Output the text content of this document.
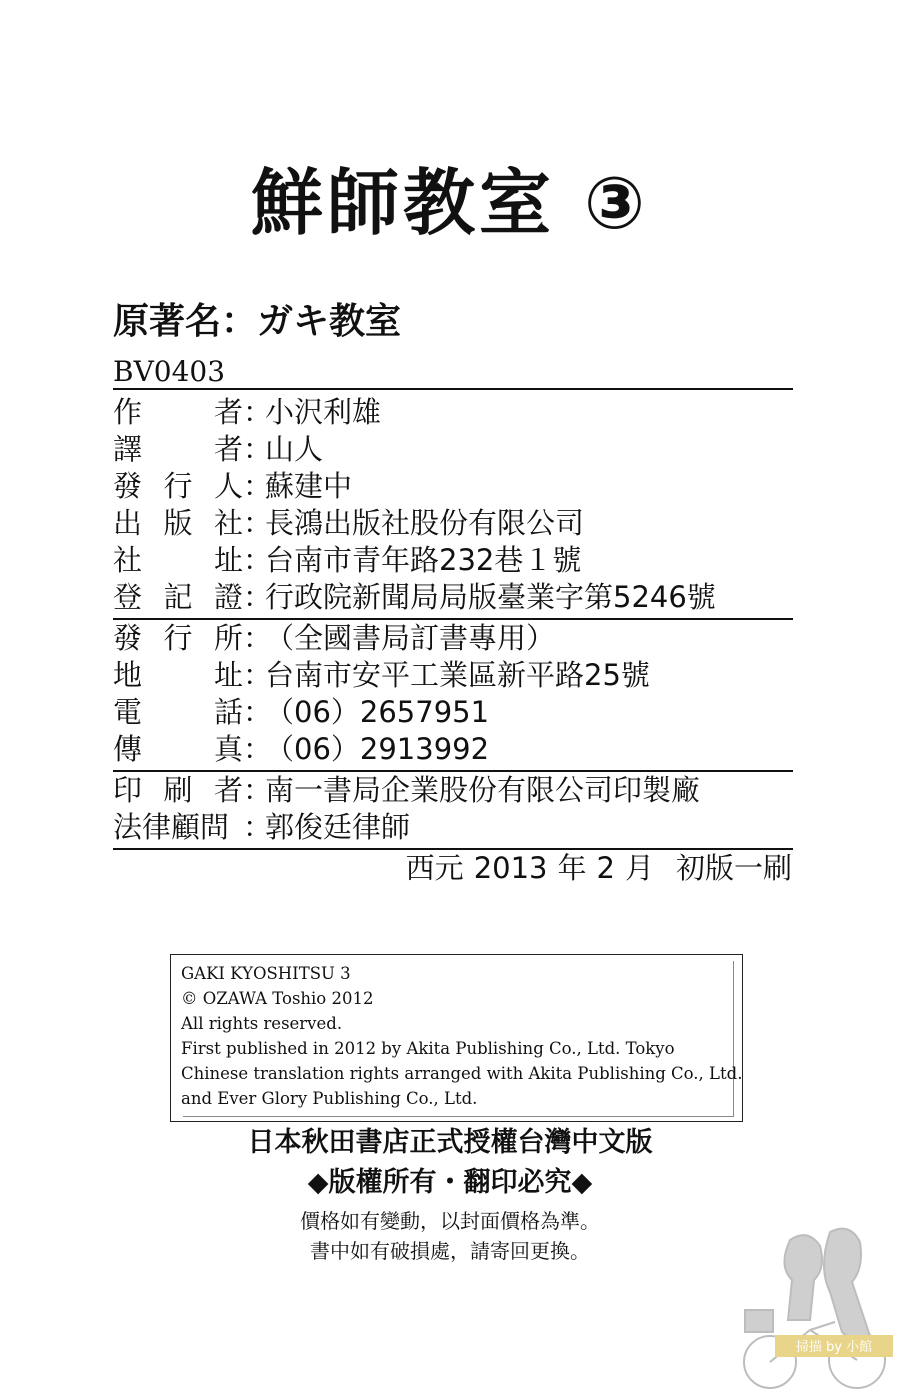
鮮師教室 ③
原著名：ガキ教室
BV0403
作 者 ：
小沢利雄
譯 者 ：
山人
發 行 人 ：
蘇建中
出 版 社 ：
長鴻出版社股份有限公司
社 址 ：
台南市青年路232巷１號
登 記 證 ：
行政院新聞局局版臺業字第5246號
發 行 所 ：
（全國書局訂書專用）
地 址 ：
台南市安平工業區新平路25號
電 話 ：
（06）2657951
傳 真 ：
（06）2913992
印 刷 者 ：
南一書局企業股份有限公司印製廠
法律顧問 ：
郭俊廷律師
西元 2013 年 2 月 初版一刷
GAKI KYOSHITSU 3
© OZAWA Toshio 2012
All rights reserved.
First published in 2012 by Akita Publishing Co., Ltd. Tokyo
Chinese translation rights arranged with Akita Publishing Co., Ltd.
and Ever Glory Publishing Co., Ltd.
日本秋田書店正式授權台灣中文版
◆版權所有・翻印必究◆
價格如有變動，以封面價格為準。
書中如有破損處，請寄回更換。
掃描 by 小館
